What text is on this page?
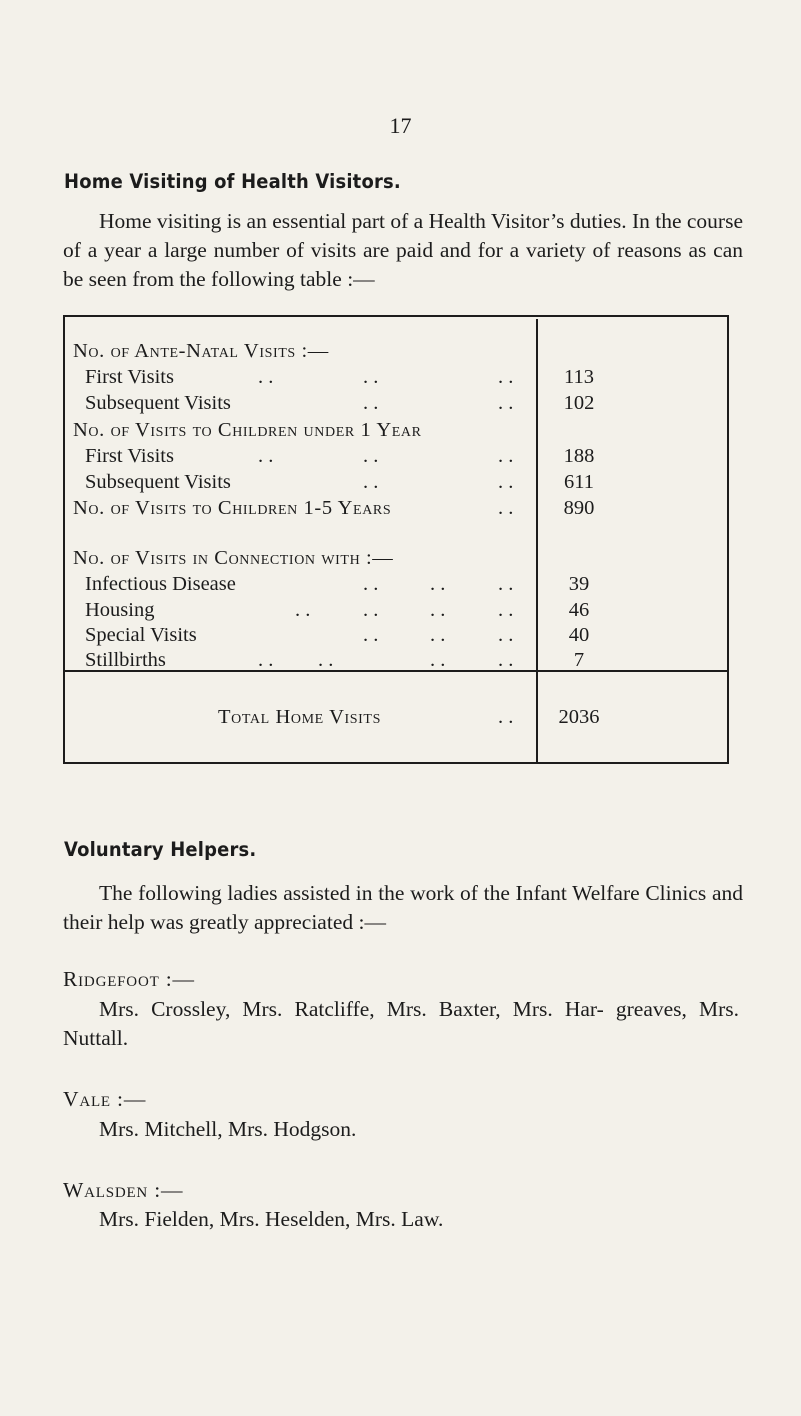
17
Home Visiting of Health Visitors.
Home visiting is an essential part of a Health Visitor’s duties. In the course of a year a large number of visits are paid and for a variety of reasons as can be seen from the following table :—
No. of Ante-Natal Visits :—
First Visits	. .	. .	. .	113
Subsequent Visits	. .	. .	102
No. of Visits to Children under 1 Year
First Visits	. .	. .	. .	188
Subsequent Visits	. .	. .	611
No. of Visits to Children 1-5 Years	. .	890
No. of Visits in Connection with :—
Infectious Disease	. .	. .	. .	39
Housing	. .	. .	. .	. .	46
Special Visits	. .	. .	. .	40
Stillbirths	. . . .	. .	. .	7
Total Home Visits	. .	2036
Voluntary Helpers.
The following ladies assisted in the work of the Infant Welfare Clinics and their help was greatly appreciated :—
Ridgefoot :—
Mrs. Crossley, Mrs. Ratcliffe, Mrs. Baxter, Mrs. Har- greaves, Mrs. Nuttall.
Vale :—
Mrs. Mitchell, Mrs. Hodgson.
Walsden :—
Mrs. Fielden, Mrs. Heselden, Mrs. Law.
